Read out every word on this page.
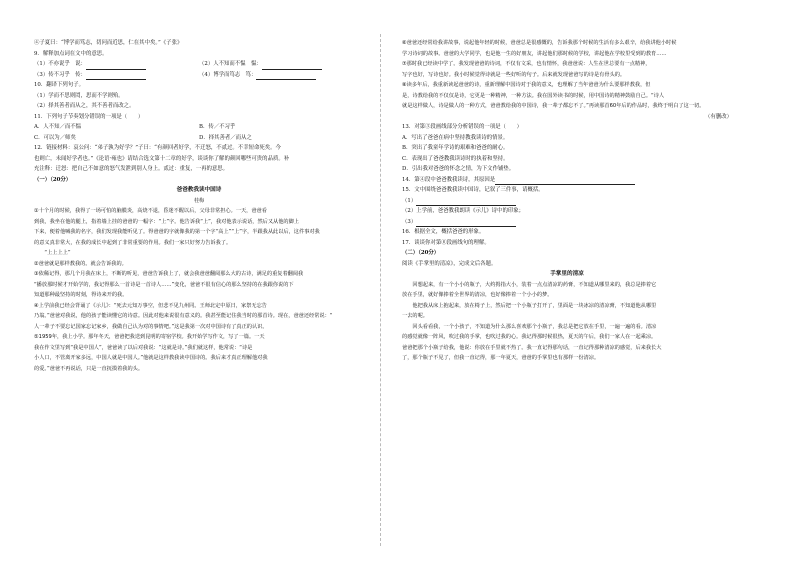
④子夏曰：“博学而笃志，切问而近思，仁在其中矣。”《子张》
9．解释加点词在文中的意思。
（1）不亦说乎　说：	（2）人不知而不愠　愠：
（3）传不习乎　传：	（4）博学而笃志　笃：
10．翻译下列句子。
（1）学而不思则罔，思而不学则殆。
（2）择其善者而从之，其不善者而改之。
11．下列句子节奏划分错误的一项是（　　）
A．人不知／而不愠	B．传／不习乎
C．可以为／师矣	D．择其善者／而从之
12．链接材料：哀公问：“弟子孰为好学？”子曰：“有颜回者好学，不迁怒，不贰过。不幸短命死矣。今
也则亡，未闻好学者也。”《论语·雍也》请结合选文第十二章的好学，谈谈你了解的颜回哪些可贵的品质。补
充注释：迁怒：把自己不如意的怒气发泄到别人身上。贰过：重复，一再的意思。
（一）（20分）
爸爸教我读中国诗
桂梅
①十个月的时候，我得了一场可怕的脑膜炎，高烧不退，昏迷不醒以后，父母非常担心。一天，爸爸看
到我，我坐在他的腿上，指着墙上挂的爸爸的一幅字：“上”字。他告诉我“上”，我对他表示说话，然后又从他的脚上
下来，便着他喊我的名字，我们发现我能听见了。得爸爸的字就像我的第一个字“高上”“上”字，半跟我从此以后，这件事对我
的意义真非常大，在我的成长中起到了非常重要的作用。我们一家只好努力告诉我了。
　　“上上上上”
②爸爸就是那样教我的。就会告诉我的。
③依稀记得，那几个月我在床上，不断的听见，爸爸告诉我上了，就会我爸爸翻阅那么大的古诗，满足的重复着翻阅我
“播放那时候才开始学的，我记得那么一首诗是一首诗人……”变化，爸爸不很有信心的那么坚持的在我跟你说的下
知道那种最坚持的时刻，得诗来开的我。
④上学前我已经会背诵了《示儿》：“死去元知万事空，但悲不见九州同。王师北定中原日，家祭无忘告
乃翁。”爸爸对我说，他的孩子能读懂它的诗意。因此对他来说很有意义的。我甚至能记住我当时的那首诗。现在，爸爸还经常说：“
人一辈子不要忘记国家忘记家乡，我做自己认为对的事情吧。”这是我第一次对中国诗有了真正的认识。
⑤1959年，我上小学。那年冬天，爸爸把我送到昆明的寄宿学校。我开始学写作文，写了一篇。一天
我在作文里写到“我是中国人”，爸爸读了以后对我说：“这就是诗。”我们就这样，他常说：“诗是
小人口，不管离开家多远，中国人就是中国人。”他就是这样教我读中国诗的。我后来才真正理解他对我
的爱。”爸爸不再说话，只是一直抚摸着我的头。
⑥爸爸还经常给我讲故事，说起他年轻的时候，爸爸总是很感慨的，告诉我那个时候的生活有多么艰辛，给我讲他小时候
学习诗词的故事。爸爸的大学同学，也是他一生的好朋友，讲起他们那时候的学校，讲起他在学校里受到的教育……
⑦那时我已经读中学了。我发现爸爸的诗词，不仅有文采，也有情怀，我爸爸说：人生在世总要有一点精神，
写字也好，写诗也好。我小时候觉得诗就是一些好听的句子。后来就发现爸爸写的诗是有骨头的。
⑧读多年后，我重新读起爸爸的诗，重新理解中国诗对于我的意义，也理解了当年爸爸为什么要那样教我，但
是，诗教给我的不仅仅是诗，它更是一种精神，一种方法。我在国外读书的时候，用中国诗的精神鼓励自己。“诗人
就是这样做人，诗是做人的一种方式，爸爸教给我的中国诗，我一辈子都忘不了。”再读那首60年后的作品时，我终于明白了这一切。
（有删改）
13．对第③段画线部分分析错误的一项是（　　）
A．写出了爸爸在病中坚持教我读诗的情景。
B．突出了我童年学诗的艰难和爸爸的耐心。
C．表现出了爸爸教我读诗时的执着和坚持。
D．引出我对爸爸的怀念之情，为下文作铺垫。
14．第④段中爸爸教我读诗，其原因是
15．文中围绕爸爸教我读中国诗，记叙了三件事，请概括。
（1）
（2）上学前，爸爸教我朗读《示儿》诗中的印象；
（3）
16．根据全文，概括爸爸的形象。
17．谈谈你对第⑧段画线句的理解。
（二）（20分）
阅读《手掌里的清凉》，完成文后各题。
手掌里的清凉
　　回想起来，有一个小小的瓶子，大约拇指大小，装着一点点清凉的药膏，不知道从哪里来的，我总是捧着它
放在手里，就好像捧着全世界的清凉，也好像捧着一个小小的梦。
　　他把我从床上抱起来，放在椅子上，然后把一个小瓶子打开了，里面是一块冰凉的清凉膏，不知道他从哪里
一去的呢。
　　回头看看我，一个小孩子，不知道为什么那么喜欢那个小瓶子，我总是把它放在手里，一遍一遍的看。清凉
的感觉就像一阵风，吹过我的手掌，也吹过我的心。我记得那时候很热，夏天的午后，我们一家人在一起乘凉。
爸爸把那个小瓶子给我，他说：你放在手里就不热了。我一直记得那句话，一直记得那种清凉的感觉，后来我长大
了，那个瓶子不见了，但我一直记得，那一年夏天，爸爸的手掌里也有那样一份清凉。
